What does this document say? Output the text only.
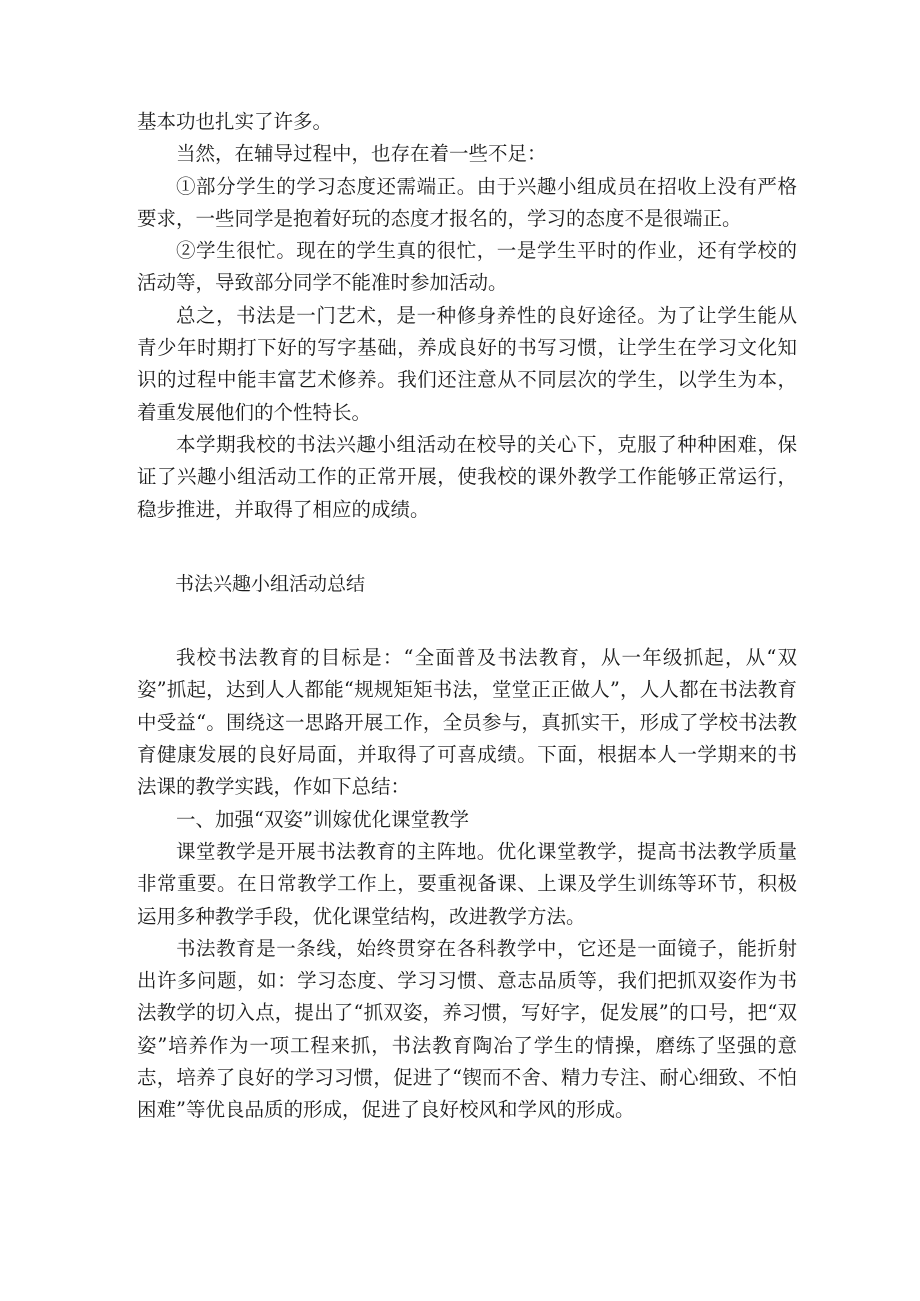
基本功也扎实了许多。

当然，在辅导过程中，也存在着一些不足：

①部分学生的学习态度还需端正。由于兴趣小组成员在招收上没有严格要求，一些同学是抱着好玩的态度才报名的，学习的态度不是很端正。

②学生很忙。现在的学生真的很忙，一是学生平时的作业，还有学校的活动等，导致部分同学不能准时参加活动。

总之，书法是一门艺术，是一种修身养性的良好途径。为了让学生能从青少年时期打下好的写字基础，养成良好的书写习惯，让学生在学习文化知识的过程中能丰富艺术修养。我们还注意从不同层次的学生，以学生为本，着重发展他们的个性特长。

本学期我校的书法兴趣小组活动在校导的关心下，克服了种种困难，保证了兴趣小组活动工作的正常开展，使我校的课外教学工作能够正常运行，稳步推进，并取得了相应的成绩。

书法兴趣小组活动总结

我校书法教育的目标是：“全面普及书法教育，从一年级抓起，从“双姿”抓起，达到人人都能“规规矩矩书法，堂堂正正做人”，人人都在书法教育中受益“。围绕这一思路开展工作，全员参与，真抓实干，形成了学校书法教育健康发展的良好局面，并取得了可喜成绩。下面，根据本人一学期来的书法课的教学实践，作如下总结：

一、加强“双姿”训嫁优化课堂教学

课堂教学是开展书法教育的主阵地。优化课堂教学，提高书法教学质量非常重要。在日常教学工作上，要重视备课、上课及学生训练等环节，积极运用多种教学手段，优化课堂结构，改进教学方法。

书法教育是一条线，始终贯穿在各科教学中，它还是一面镜子，能折射出许多问题，如：学习态度、学习习惯、意志品质等，我们把抓双姿作为书法教学的切入点，提出了“抓双姿，养习惯，写好字，促发展”的口号，把“双姿”培养作为一项工程来抓，书法教育陶冶了学生的情操，磨练了坚强的意志，培养了良好的学习习惯，促进了“锲而不舍、精力专注、耐心细致、不怕困难”等优良品质的形成，促进了良好校风和学风的形成。
